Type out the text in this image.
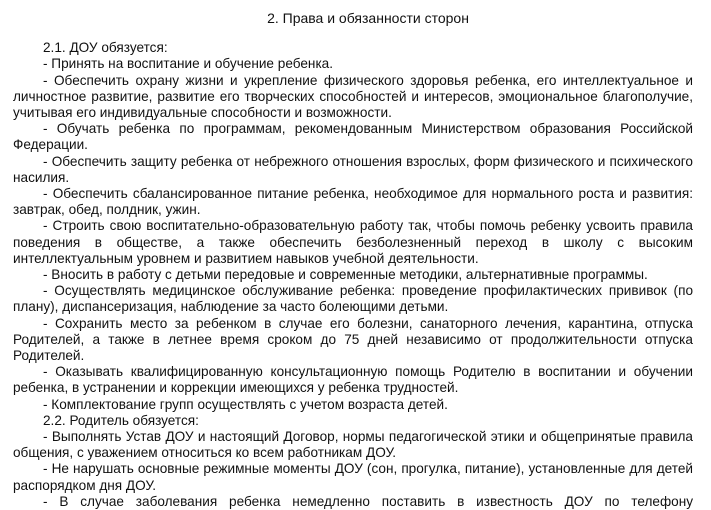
2. Права и обязанности сторон

2.1. ДОУ обязуется:

- Принять на воспитание и обучение ребенка.

- Обеспечить охрану жизни и укрепление физического здоровья ребенка, его интеллектуальное и личностное развитие, развитие его творческих способностей и интересов, эмоциональное благополучие, учитывая его индивидуальные способности и возможности.

- Обучать ребенка по программам, рекомендованным Министерством образования Российской Федерации.

- Обеспечить защиту ребенка от небрежного отношения взрослых, форм физического и психического насилия.

- Обеспечить сбалансированное питание ребенка, необходимое для нормального роста и развития: завтрак, обед, полдник, ужин.

- Строить свою воспитательно-образовательную работу так, чтобы помочь ребенку усвоить правила поведения в обществе, а также обеспечить безболезненный переход в школу с высоким интеллектуальным уровнем и развитием навыков учебной деятельности.

- Вносить в работу с детьми передовые и современные методики, альтернативные программы.

- Осуществлять медицинское обслуживание ребенка: проведение профилактических прививок (по плану), диспансеризация, наблюдение за часто болеющими детьми.

- Сохранить место за ребенком в случае его болезни, санаторного лечения, карантина, отпуска Родителей, а также в летнее время сроком до 75 дней независимо от продолжительности отпуска Родителей.

- Оказывать квалифицированную консультационную помощь Родителю в воспитании и обучении ребенка, в устранении и коррекции имеющихся у ребенка трудностей.

- Комплектование групп осуществлять с учетом возраста детей.

2.2. Родитель обязуется:

- Выполнять Устав ДОУ и настоящий Договор, нормы педагогической этики и общепринятые правила общения, с уважением относиться ко всем работникам ДОУ.

- Не нарушать основные режимные моменты ДОУ (сон, прогулка, питание), установленные для детей распорядком дня ДОУ.

- В случае заболевания ребенка немедленно поставить в известность ДОУ по телефону
